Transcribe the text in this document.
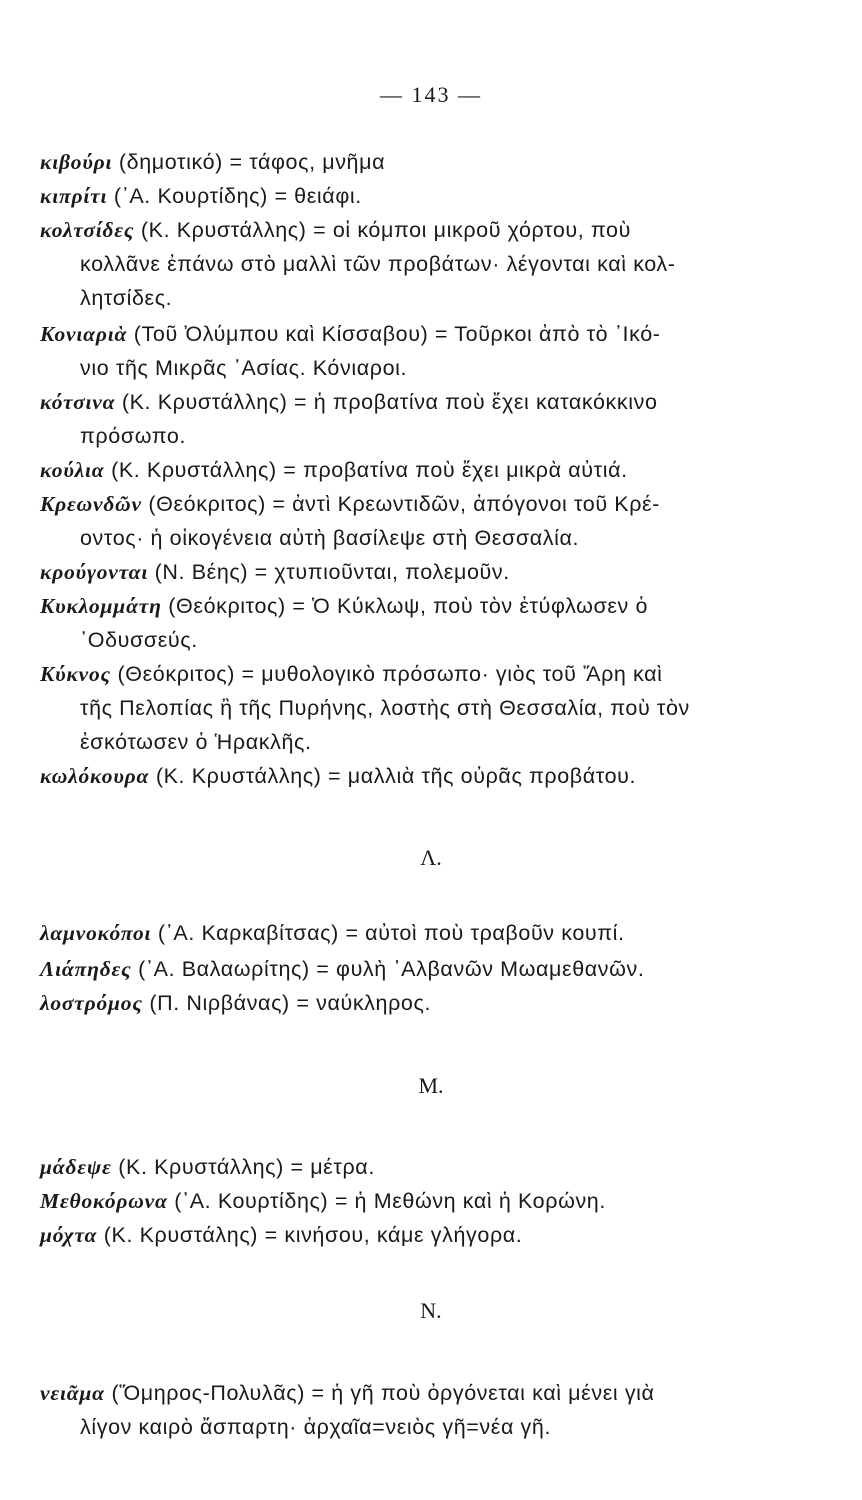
— 143 —
κιβούρι (δημοτικό) = τάφος, μνῆμα
κιπρίτι (᾿Α. Κουρτίδης) = θειάφι.
κολτσίδες (Κ. Κρυστάλλης) = οἱ κόμποι μικροῦ χόρτου, ποὺ
κολλᾶνε ἐπάνω στὸ μαλλὶ τῶν προβάτων· λέγονται καὶ κολ-
λητσίδες.
Κονιαριὰ (Τοῦ Ὀλύμπου καὶ Κίσσαβου) = Τοῦρκοι ἀπὸ τὸ ᾿Ικό-
νιο τῆς Μικρᾶς ᾿Ασίας. Κόνιαροι.
κότσινα (Κ. Κρυστάλλης) = ἡ προβατίνα ποὺ ἔχει κατακόκκινο
πρόσωπο.
κούλια (Κ. Κρυστάλλης) = προβατίνα ποὺ ἔχει μικρὰ αὐτιά.
Κρεωνδῶν (Θεόκριτος) = ἀντὶ Κρεωντιδῶν, ἀπόγονοι τοῦ Κρέ-
οντος· ἡ οἰκογένεια αὐτὴ βασίλεψε στὴ Θεσσαλία.
κρούγονται (Ν. Βέης) = χτυπιοῦνται, πολεμοῦν.
Κυκλομμάτη (Θεόκριτος) = Ὁ Κύκλωψ, ποὺ τὸν ἐτύφλωσεν ὁ
᾿Οδυσσεύς.
Κύκνος (Θεόκριτος) = μυθολογικὸ πρόσωπο· γιὸς τοῦ Ἄρη καὶ
τῆς Πελοπίας ἢ τῆς Πυρήνης, λοστὴς στὴ Θεσσαλία, ποὺ τὸν
ἐσκότωσεν ὁ Ἡρακλῆς.
κωλόκουρα (Κ. Κρυστάλλης) = μαλλιὰ τῆς οὐρᾶς προβάτου.
Λ.
λαμνοκόποι (᾿Α. Καρκαβίτσας) = αὐτοὶ ποὺ τραβοῦν κουπί.
Λιάπηδες (᾿Α. Βαλαωρίτης) = φυλὴ ᾿Αλβανῶν Μωαμεθανῶν.
λοστρόμος (Π. Νιρβάνας) = ναύκληρος.
Μ.
μάδεψε (Κ. Κρυστάλλης) = μέτρα.
Μεθοκόρωνα (᾿Α. Κουρτίδης) = ἡ Μεθώνη καὶ ἡ Κορώνη.
μόχτα (Κ. Κρυστάλης) = κινήσου, κάμε γλήγορα.
Ν.
νειᾶμα (Ὅμηρος-Πολυλᾶς) = ἡ γῆ ποὺ ὀργόνεται καὶ μένει γιὰ
λίγον καιρὸ ἄσπαρτη· ἀρχαῖα=νειὸς γῆ=νέα γῆ.
